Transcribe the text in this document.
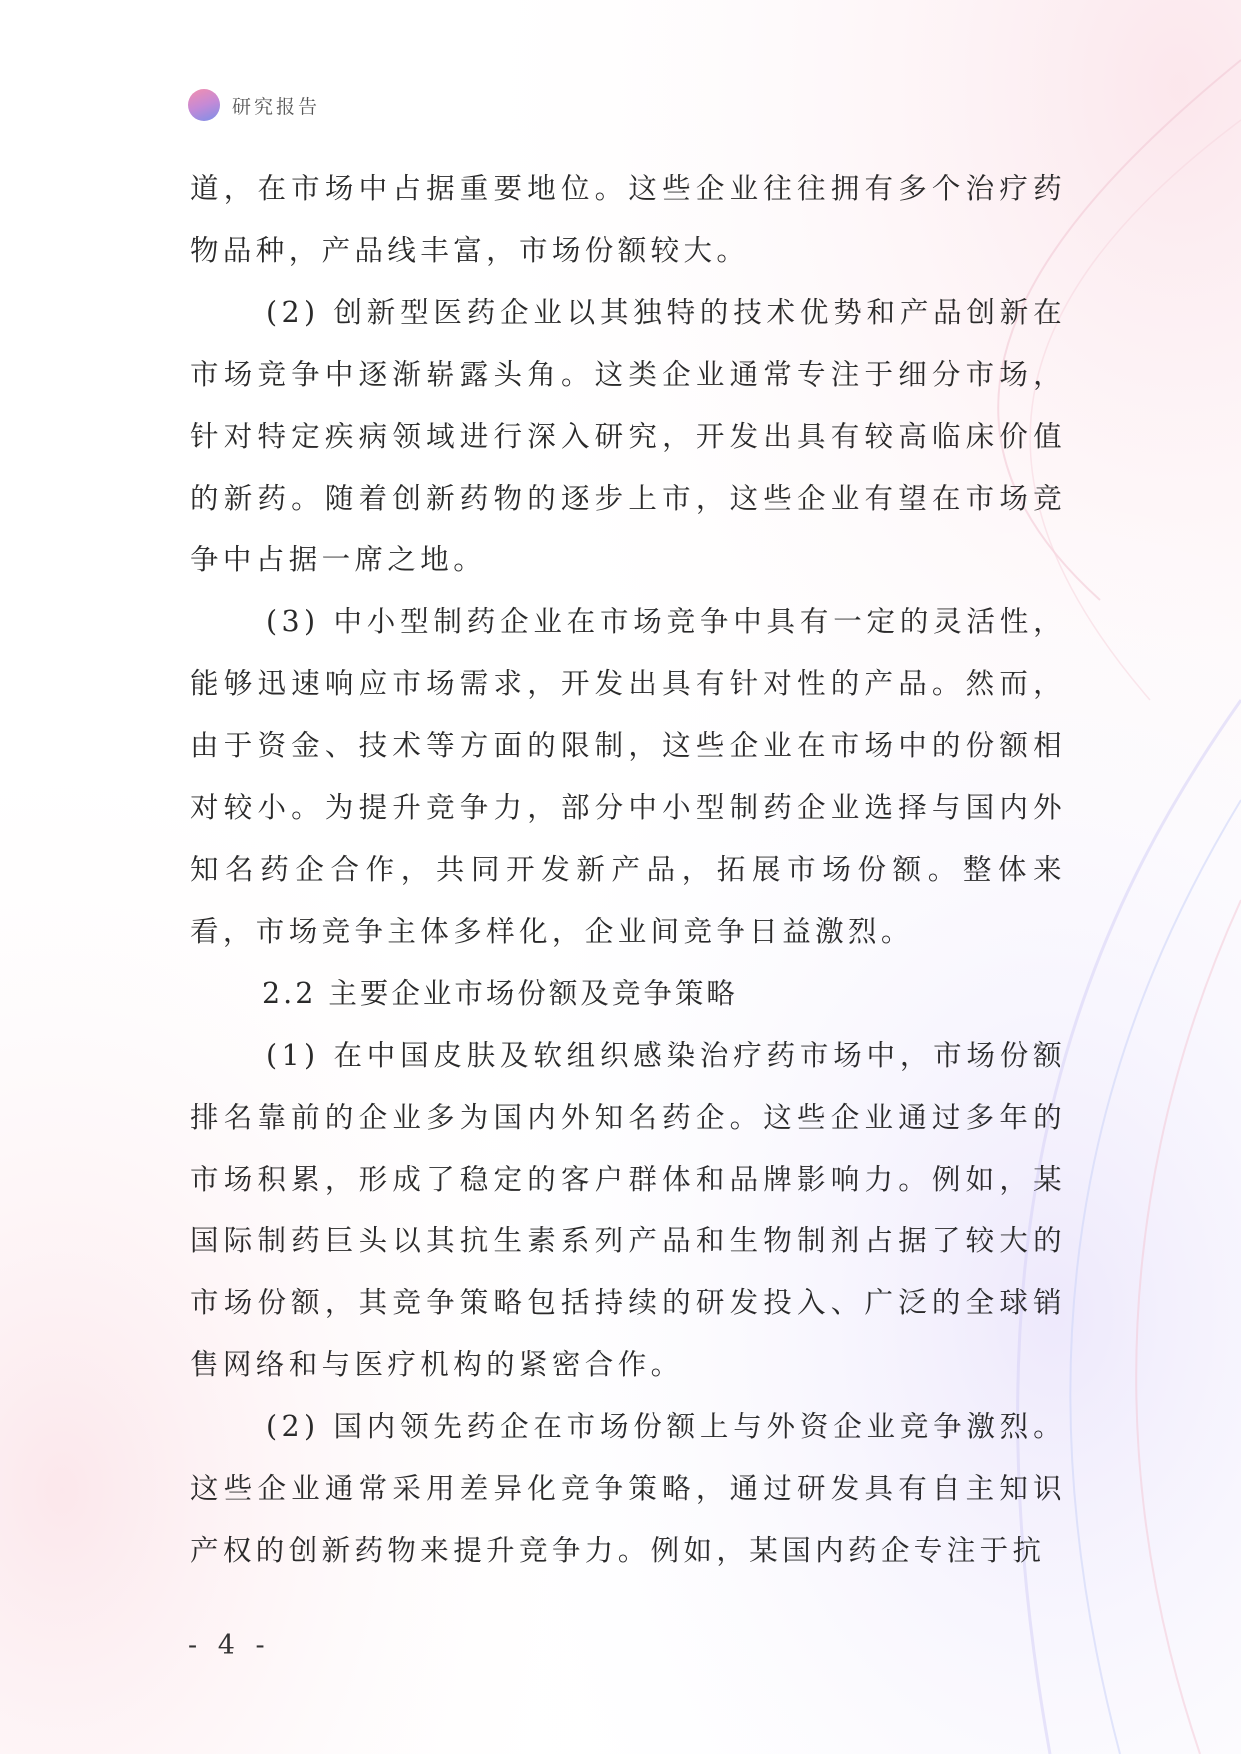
研究报告

道，在市场中占据重要地位。这些企业往往拥有多个治疗药物品种，产品线丰富，市场份额较大。

(2) 创新型医药企业以其独特的技术优势和产品创新在市场竞争中逐渐崭露头角。这类企业通常专注于细分市场，针对特定疾病领域进行深入研究，开发出具有较高临床价值的新药。随着创新药物的逐步上市，这些企业有望在市场竞争中占据一席之地。

(3) 中小型制药企业在市场竞争中具有一定的灵活性，能够迅速响应市场需求，开发出具有针对性的产品。然而，由于资金、技术等方面的限制，这些企业在市场中的份额相对较小。为提升竞争力，部分中小型制药企业选择与国内外知名药企合作，共同开发新产品，拓展市场份额。整体来看，市场竞争主体多样化，企业间竞争日益激烈。

2.2 主要企业市场份额及竞争策略

(1) 在中国皮肤及软组织感染治疗药市场中，市场份额排名靠前的企业多为国内外知名药企。这些企业通过多年的市场积累，形成了稳定的客户群体和品牌影响力。例如，某国际制药巨头以其抗生素系列产品和生物制剂占据了较大的市场份额，其竞争策略包括持续的研发投入、广泛的全球销售网络和与医疗机构的紧密合作。

(2) 国内领先药企在市场份额上与外资企业竞争激烈。这些企业通常采用差异化竞争策略，通过研发具有自主知识产权的创新药物来提升竞争力。例如，某国内药企专注于抗

- 4 -
